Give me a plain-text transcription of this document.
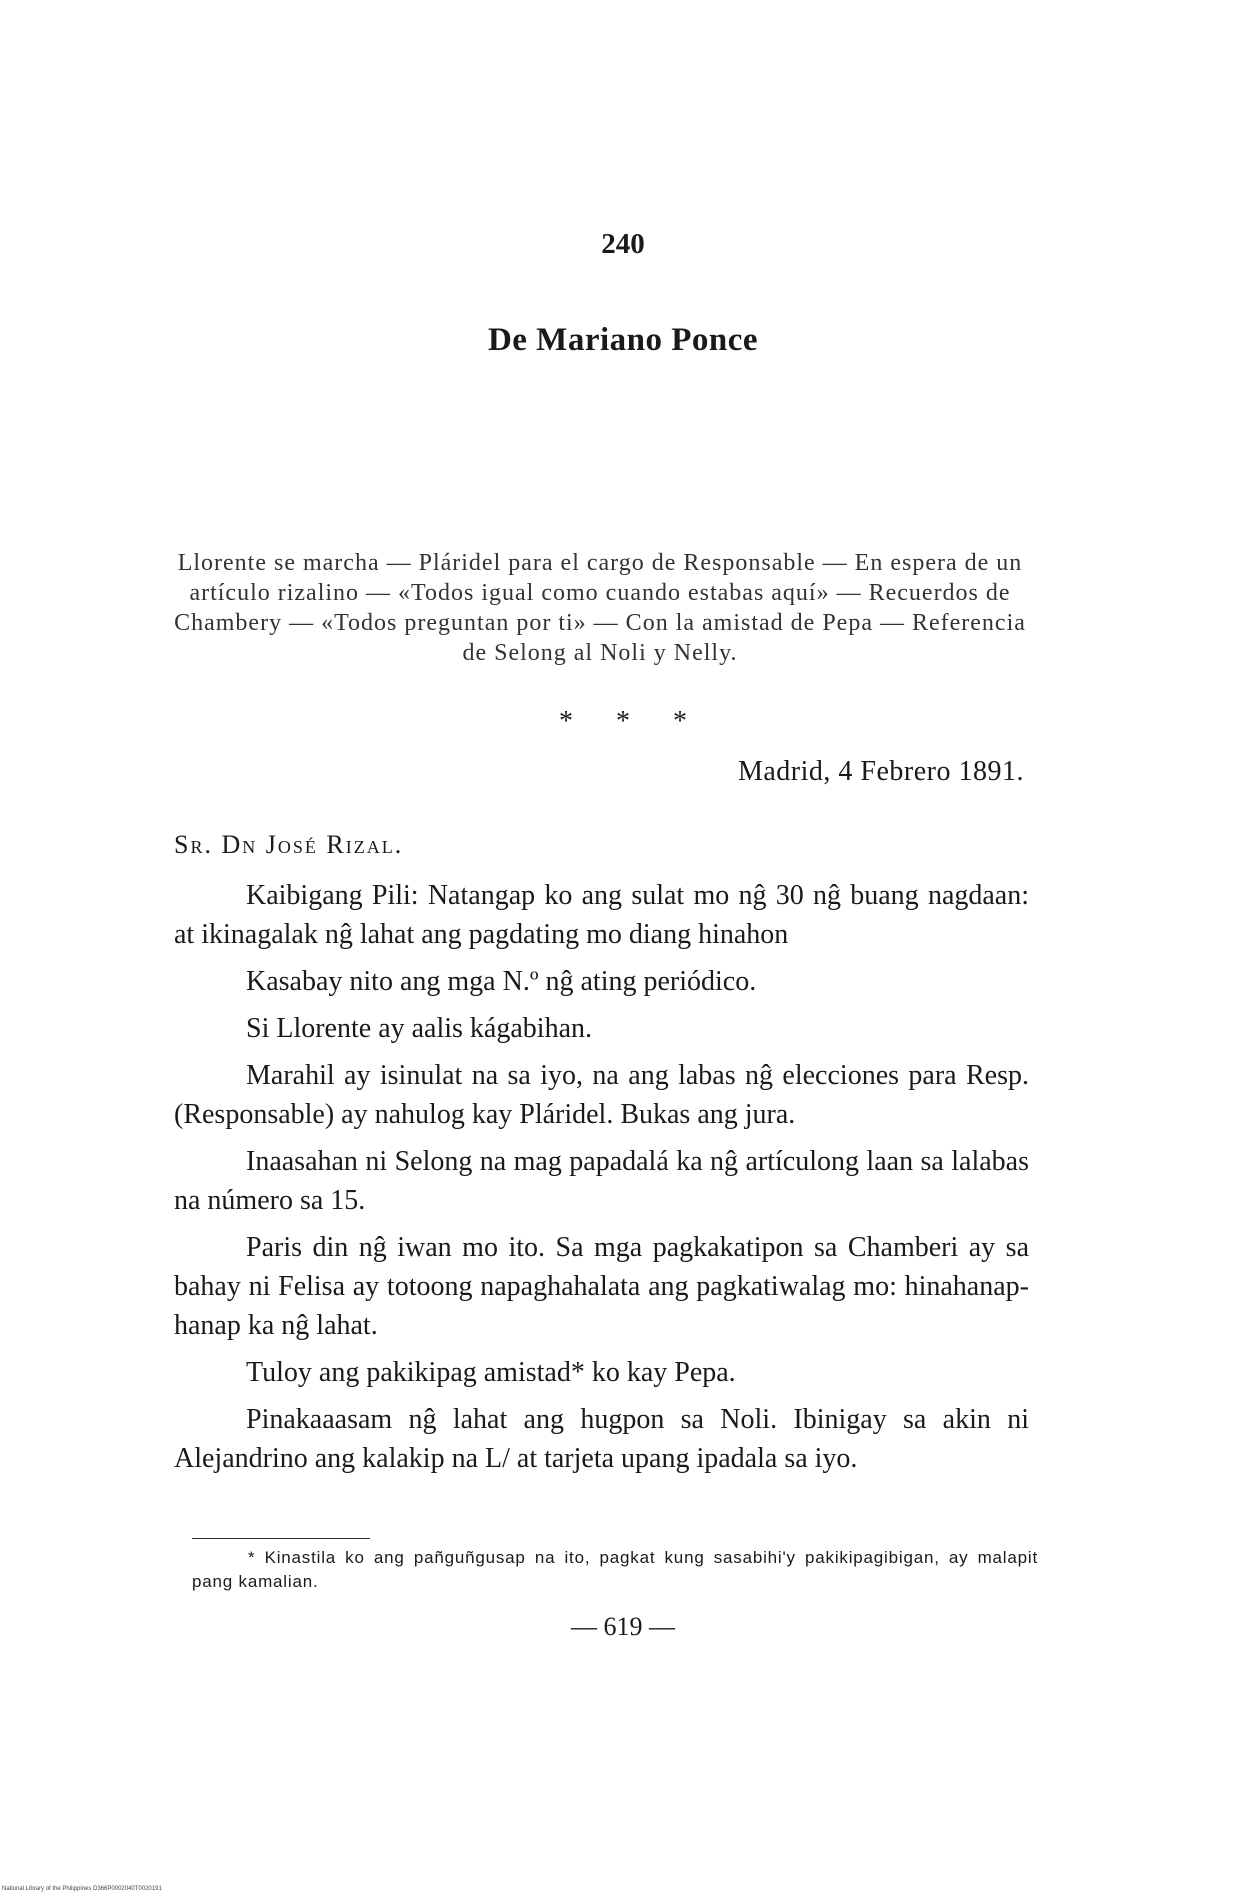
240
De Mariano Ponce
Llorente se marcha — Pláridel para el cargo de Responsable — En espera de un artículo rizalino — «Todos igual como cuando estabas aquí» — Recuerdos de Chambery — «Todos preguntan por ti» — Con la amistad de Pepa — Referencia de Selong al Noli y Nelly.
* * *
Madrid, 4 Febrero 1891.
Sr. Dn José Rizal.

Kaibigang Pili: Natangap ko ang sulat mo nĝ 30 nĝ buang nagdaan: at ikinagalak nĝ lahat ang pagdating mo diang hinahon

Kasabay nito ang mga N.º nĝ ating periódico.

Si Llorente ay aalis kágabihan.

Marahil ay isinulat na sa iyo, na ang labas nĝ elecciones para Resp. (Responsable) ay nahulog kay Pláridel. Bukas ang jura.

Inaasahan ni Selong na mag papadalá ka nĝ artículong laan sa lalabas na número sa 15.

Paris din nĝ iwan mo ito. Sa mga pagkakatipon sa Chamberi ay sa bahay ni Felisa ay totoong napaghahalata ang pagkatiwalag mo: hinahanap-hanap ka nĝ lahat.

Tuloy ang pakikipag amistad* ko kay Pepa.

Pinakaaasam nĝ lahat ang hugpon sa Noli. Ibinigay sa akin ni Alejandrino ang kalakip na L/ at tarjeta upang ipadala sa iyo.

* Kinastila ko ang pañguñgusap na ito, pagkat kung sasabihi'y pakikipagibigan, ay malapit pang kamalian.
— 619 —
National Library of the Philippines D366P0002040T0020191
